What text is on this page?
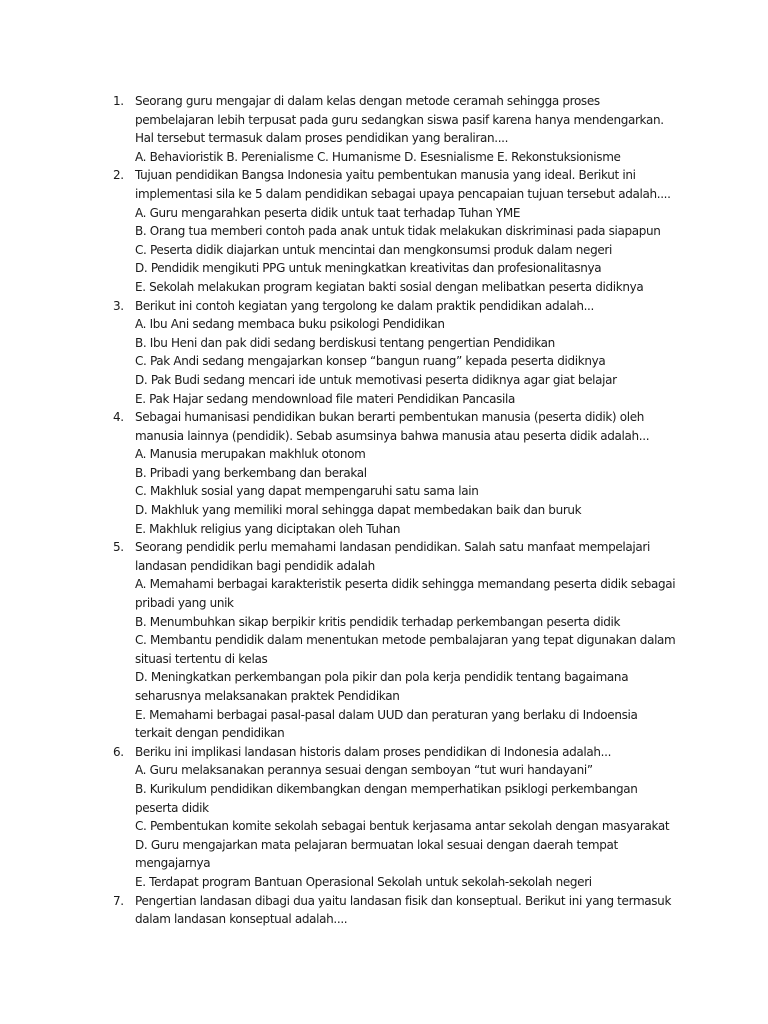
1. Seorang guru mengajar di dalam kelas dengan metode ceramah sehingga proses pembelajaran lebih terpusat pada guru sedangkan siswa pasif karena hanya mendengarkan. Hal tersebut termasuk dalam proses pendidikan yang beraliran....
A. Behavioristik B. Perenialisme C. Humanisme D. Esesnialisme E. Rekonstuksionisme
2. Tujuan pendidikan Bangsa Indonesia yaitu pembentukan manusia yang ideal. Berikut ini implementasi sila ke 5 dalam pendidikan sebagai upaya pencapaian tujuan tersebut adalah....
A. Guru mengarahkan peserta didik untuk taat terhadap Tuhan YME
B. Orang tua memberi contoh pada anak untuk tidak melakukan diskriminasi pada siapapun
C. Peserta didik diajarkan untuk mencintai dan mengkonsumsi produk dalam negeri
D. Pendidik mengikuti PPG untuk meningkatkan kreativitas dan profesionalitasnya
E. Sekolah melakukan program kegiatan bakti sosial dengan melibatkan peserta didiknya
3. Berikut ini contoh kegiatan yang tergolong ke dalam praktik pendidikan adalah...
A. Ibu Ani sedang membaca buku psikologi Pendidikan
B. Ibu Heni dan pak didi sedang berdiskusi tentang pengertian Pendidikan
C. Pak Andi sedang mengajarkan konsep “bangun ruang” kepada peserta didiknya
D. Pak Budi sedang mencari ide untuk memotivasi peserta didiknya agar giat belajar
E. Pak Hajar sedang mendownload file materi Pendidikan Pancasila
4. Sebagai humanisasi pendidikan bukan berarti pembentukan manusia (peserta didik) oleh manusia lainnya (pendidik). Sebab asumsinya bahwa manusia atau peserta didik adalah...
A. Manusia merupakan makhluk otonom
B. Pribadi yang berkembang dan berakal
C. Makhluk sosial yang dapat mempengaruhi satu sama lain
D. Makhluk yang memiliki moral sehingga dapat membedakan baik dan buruk
E. Makhluk religius yang diciptakan oleh Tuhan
5. Seorang pendidik perlu memahami landasan pendidikan. Salah satu manfaat mempelajari landasan pendidikan bagi pendidik adalah
A. Memahami berbagai karakteristik peserta didik sehingga memandang peserta didik sebagai pribadi yang unik
B. Menumbuhkan sikap berpikir kritis pendidik terhadap perkembangan peserta didik
C. Membantu pendidik dalam menentukan metode pembalajaran yang tepat digunakan dalam situasi tertentu di kelas
D. Meningkatkan perkembangan pola pikir dan pola kerja pendidik tentang bagaimana seharusnya melaksanakan praktek Pendidikan
E. Memahami berbagai pasal-pasal dalam UUD dan peraturan yang berlaku di Indoensia terkait dengan pendidikan
6. Beriku ini implikasi landasan historis dalam proses pendidikan di Indonesia adalah...
A. Guru melaksanakan perannya sesuai dengan semboyan “tut wuri handayani”
B. Kurikulum pendidikan dikembangkan dengan memperhatikan psiklogi perkembangan peserta didik
C. Pembentukan komite sekolah sebagai bentuk kerjasama antar sekolah dengan masyarakat
D. Guru mengajarkan mata pelajaran bermuatan lokal sesuai dengan daerah tempat mengajarnya
E. Terdapat program Bantuan Operasional Sekolah untuk sekolah-sekolah negeri
7. Pengertian landasan dibagi dua yaitu landasan fisik dan konseptual. Berikut ini yang termasuk dalam landasan konseptual adalah....
